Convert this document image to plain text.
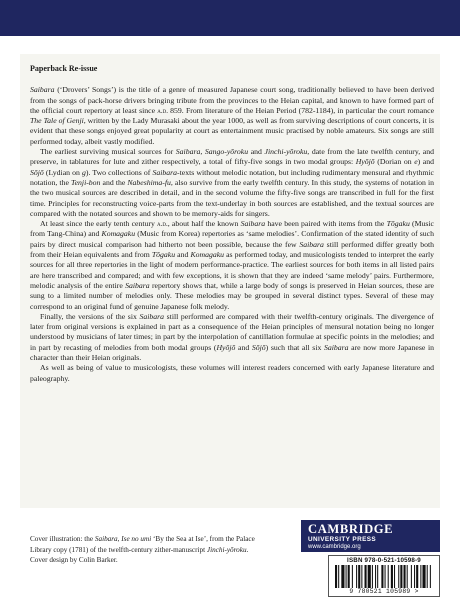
Paperback Re-issue

Saibara (‘Drovers’ Songs’) is the title of a genre of measured Japanese court song, traditionally believed to have been derived from the songs of pack-horse drivers bringing tribute from the provinces to the Heian capital, and known to have formed part of the official court repertory at least since a.d. 859. From literature of the Heian Period (782-1184), in particular the court romance The Tale of Genji, written by the Lady Murasaki about the year 1000, as well as from surviving descriptions of court concerts, it is evident that these songs enjoyed great popularity at court as entertainment music practised by noble amateurs. Six songs are still performed today, albeit vastly modified.

The earliest surviving musical sources for Saibara, Sango-yōroku and Jinchi-yōroku, date from the late twelfth century, and preserve, in tablatures for lute and zither respectively, a total of fifty-five songs in two modal groups: Hyōjō (Dorian on e) and Sōjō (Lydian on g). Two collections of Saibara-texts without melodic notation, but including rudimentary mensural and rhythmic notation, the Tenji-bon and the Nabeshima-fu, also survive from the early twelfth century. In this study, the systems of notation in the two musical sources are described in detail, and in the second volume the fifty-five songs are transcribed in full for the first time. Principles for reconstructing voice-parts from the text-underlay in both sources are established, and the textual sources are compared with the notated sources and shown to be memory-aids for singers.

At least since the early tenth century a.d., about half the known Saibara have been paired with items from the Tōgaku (Music from Tang-China) and Komagaku (Music from Korea) repertories as ‘same melodies’. Confirmation of the stated identity of such pairs by direct musical comparison had hitherto not been possible, because the few Saibara still performed differ greatly both from their Heian equivalents and from Tōgaku and Komagaku as performed today, and musicologists tended to interpret the early sources for all three repertories in the light of modern performance-practice. The earliest sources for both items in all listed pairs are here transcribed and compared; and with few exceptions, it is shown that they are indeed ‘same melody’ pairs. Furthermore, melodic analysis of the entire Saibara repertory shows that, while a large body of songs is preserved in Heian sources, these are sung to a limited number of melodies only. These melodies may be grouped in several distinct types. Several of these may correspond to an original fund of genuine Japanese folk melody.

Finally, the versions of the six Saibara still performed are compared with their twelfth-century originals. The divergence of later from original versions is explained in part as a consequence of the Heian principles of mensural notation being no longer understood by musicians of later times; in part by the interpolation of cantillation formulae at specific points in the melodies; and in part by recasting of melodies from both modal groups (Hyōjō and Sōjō) such that all six Saibara are now more Japanese in character than their Heian originals.

As well as being of value to musicologists, these volumes will interest readers concerned with early Japanese literature and paleography.

Cover illustration: the Saibara, Ise no umi ‘By the Sea at Ise’, from the Palace Library copy (1781) of the twelfth-century zither-manuscript Jinchi-yōroku.
Cover design by Colin Barker.
CAMBRIDGE
UNIVERSITY PRESS
www.cambridge.org
ISBN 978-0-521-10598-9
9 780521 105989 >
